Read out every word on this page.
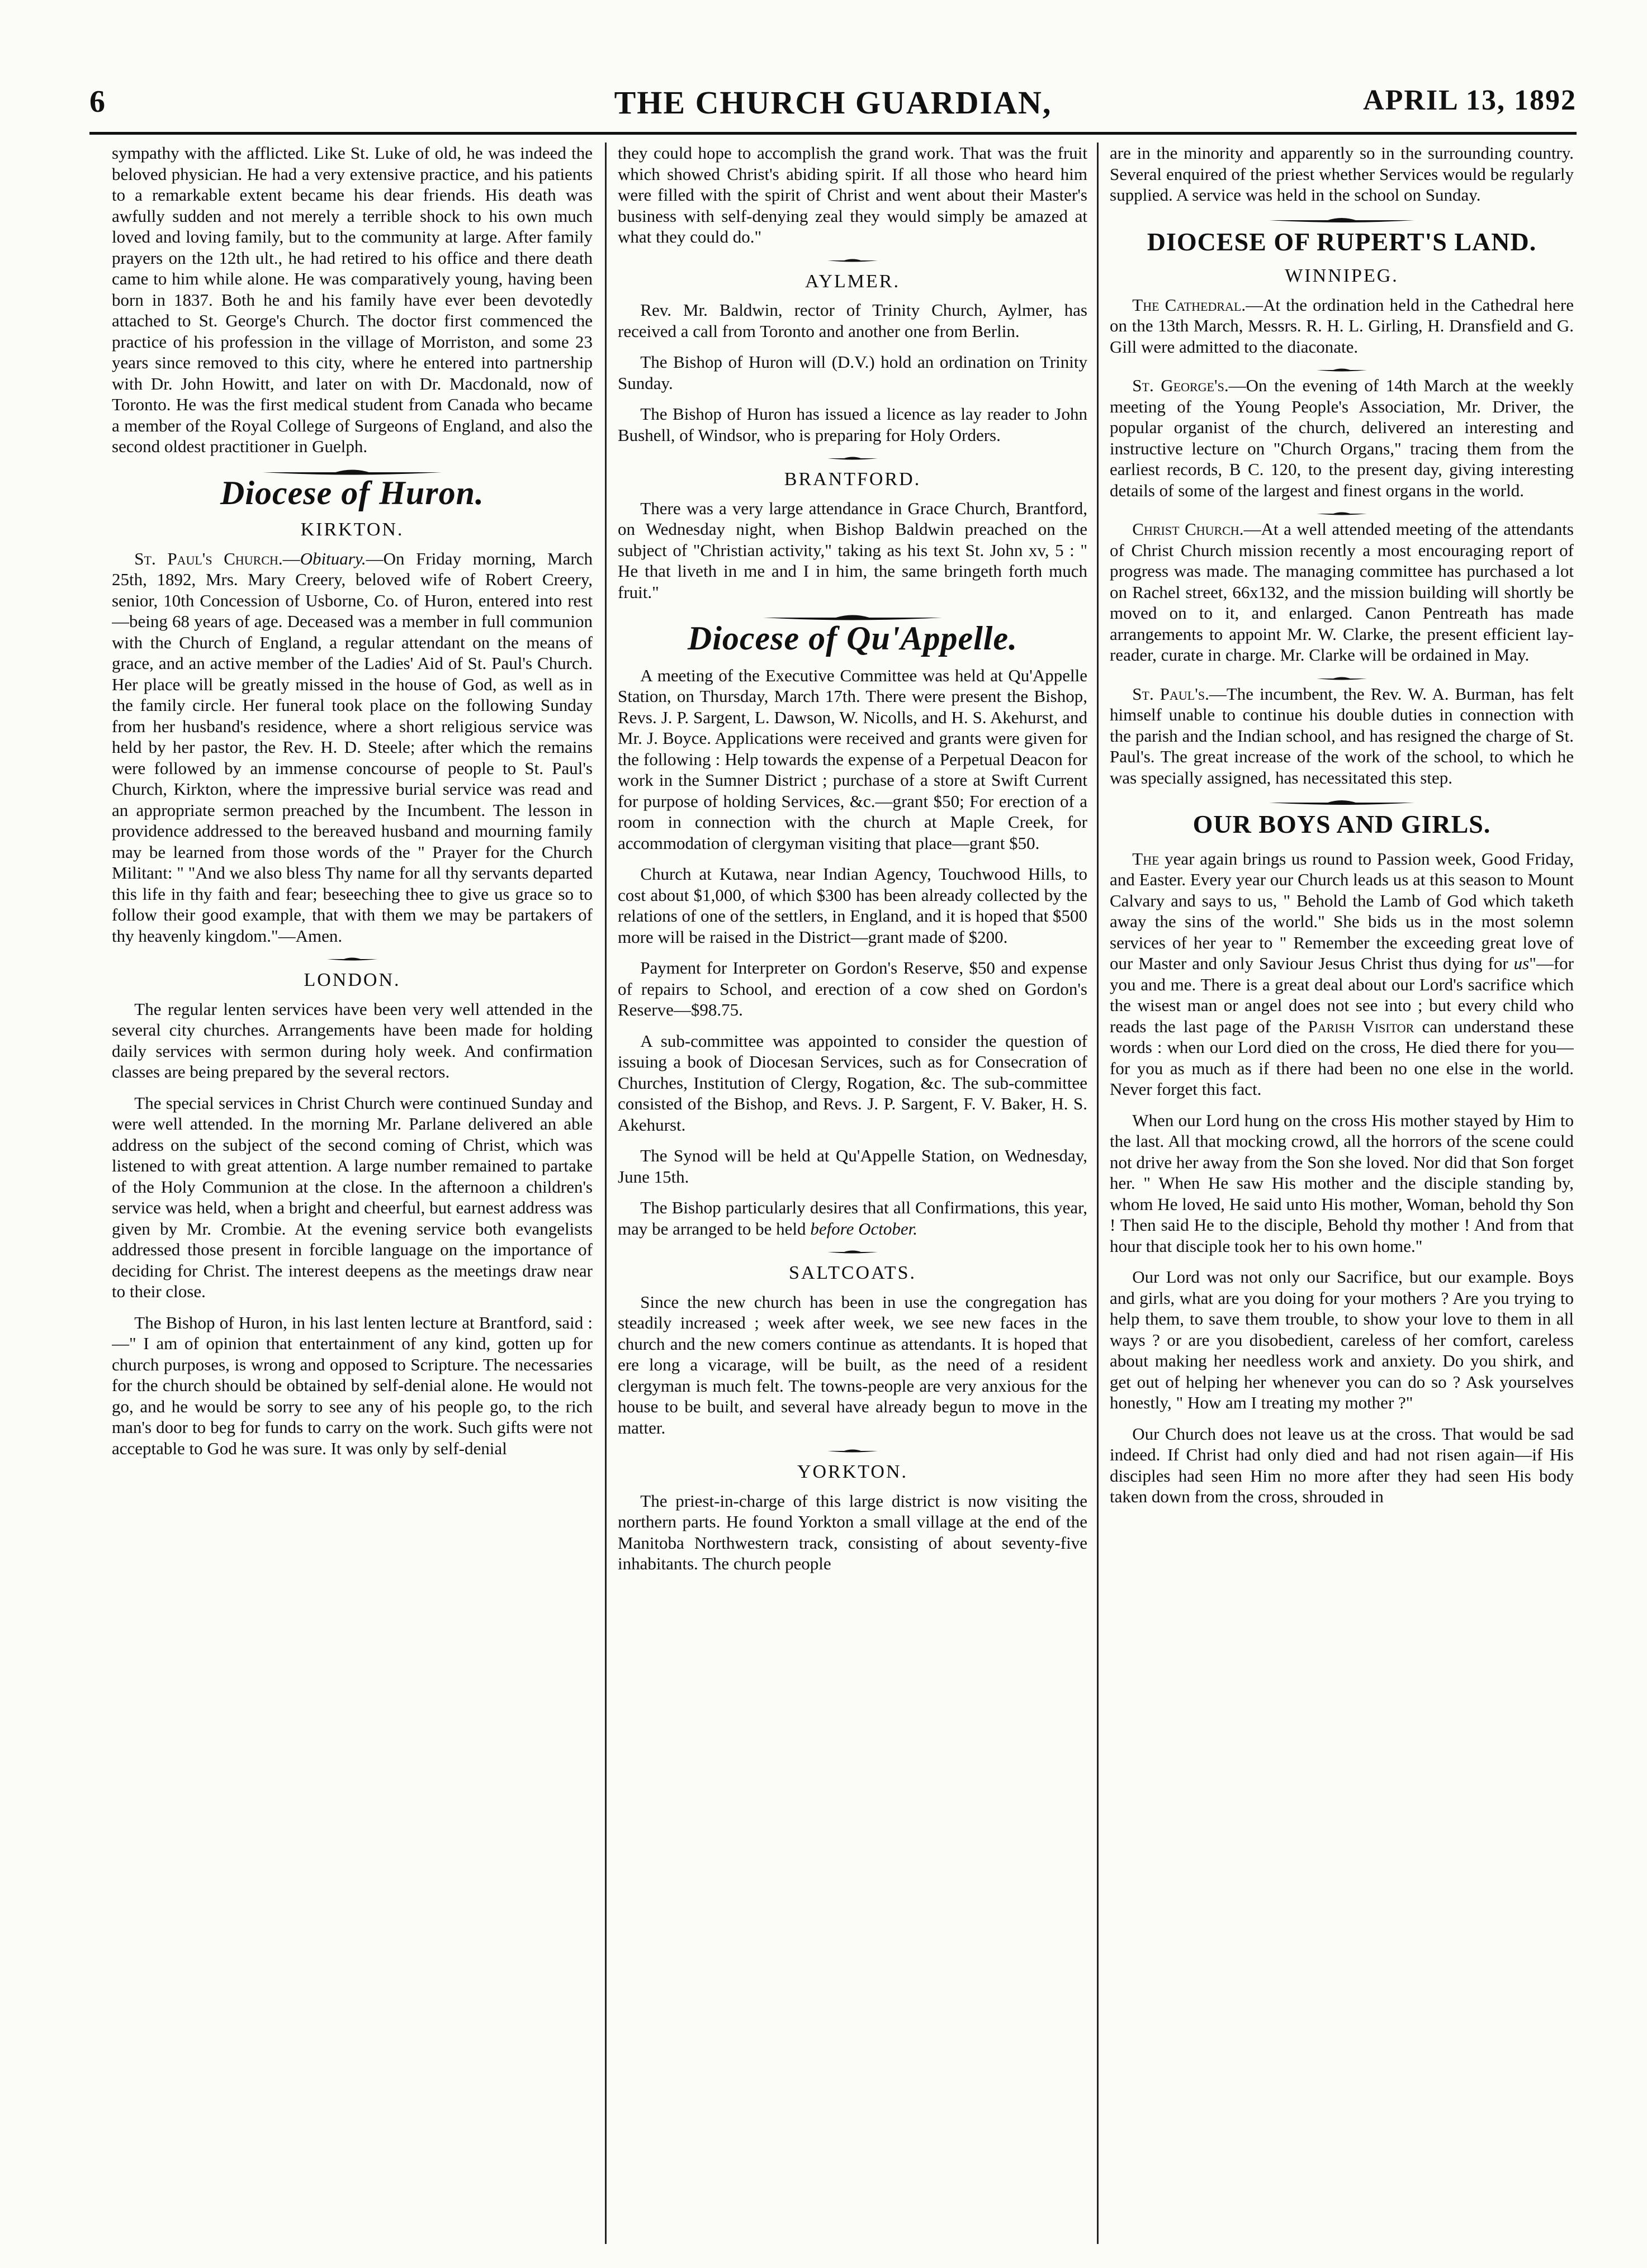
6	THE CHURCH GUARDIAN,	APRIL 13, 1892

sympathy with the afflicted. Like St. Luke of old, he was indeed the beloved physician. He had a very extensive practice, and his patients to a remarkable extent became his dear friends. His death was awfully sudden and not merely a terrible shock to his own much loved and loving family, but to the community at large. After family prayers on the 12th ult., he had retired to his office and there death came to him while alone. He was comparatively young, having been born in 1837. Both he and his family have ever been devotedly attached to St. George's Church. The doctor first commenced the practice of his profession in the village of Morriston, and some 23 years since removed to this city, where he entered into partnership with Dr. John Howitt, and later on with Dr. Macdonald, now of Toronto. He was the first medical student from Canada who became a member of the Royal College of Surgeons of England, and also the second oldest practitioner in Guelph.

Diocese of Huron.
KIRKTON.

St. Paul's Church.—Obituary.—On Friday morning, March 25th, 1892, Mrs. Mary Creery, beloved wife of Robert Creery, senior, 10th Concession of Usborne, Co. of Huron, entered into rest—being 68 years of age. Deceased was a member in full communion with the Church of England, a regular attendant on the means of grace, and an active member of the Ladies' Aid of St. Paul's Church. Her place will be greatly missed in the house of God, as well as in the family circle. Her funeral took place on the following Sunday from her husband's residence, where a short religious service was held by her pastor, the Rev. H. D. Steele; after which the remains were followed by an immense concourse of people to St. Paul's Church, Kirkton, where the impressive burial service was read and an appropriate sermon preached by the Incumbent. The lesson in providence addressed to the bereaved husband and mourning family may be learned from those words of the " Prayer for the Church Militant: " "And we also bless Thy name for all thy servants departed this life in thy faith and fear; beseeching thee to give us grace so to follow their good example, that with them we may be partakers of thy heavenly kingdom."—Amen.

LONDON.

The regular lenten services have been very well attended in the several city churches. Arrangements have been made for holding daily services with sermon during holy week. And confirmation classes are being prepared by the several rectors.

The special services in Christ Church were continued Sunday and were well attended. In the morning Mr. Parlane delivered an able address on the subject of the second coming of Christ, which was listened to with great attention. A large number remained to partake of the Holy Communion at the close. In the afternoon a children's service was held, when a bright and cheerful, but earnest address was given by Mr. Crombie. At the evening service both evangelists addressed those present in forcible language on the importance of deciding for Christ. The interest deepens as the meetings draw near to their close.

The Bishop of Huron, in his last lenten lecture at Brantford, said :—" I am of opinion that entertainment of any kind, gotten up for church purposes, is wrong and opposed to Scripture. The necessaries for the church should be obtained by self-denial alone. He would not go, and he would be sorry to see any of his people go, to the rich man's door to beg for funds to carry on the work. Such gifts were not acceptable to God he was sure. It was only by self-denial

they could hope to accomplish the grand work. That was the fruit which showed Christ's abiding spirit. If all those who heard him were filled with the spirit of Christ and went about their Master's business with self-denying zeal they would simply be amazed at what they could do."

AYLMER.

Rev. Mr. Baldwin, rector of Trinity Church, Aylmer, has received a call from Toronto and another one from Berlin.

The Bishop of Huron will (D.V.) hold an ordination on Trinity Sunday.

The Bishop of Huron has issued a licence as lay reader to John Bushell, of Windsor, who is preparing for Holy Orders.

BRANTFORD.

There was a very large attendance in Grace Church, Brantford, on Wednesday night, when Bishop Baldwin preached on the subject of "Christian activity," taking as his text St. John xv, 5 : " He that liveth in me and I in him, the same bringeth forth much fruit."

Diocese of Qu'Appelle.

A meeting of the Executive Committee was held at Qu'Appelle Station, on Thursday, March 17th. There were present the Bishop, Revs. J. P. Sargent, L. Dawson, W. Nicolls, and H. S. Akehurst, and Mr. J. Boyce. Applications were received and grants were given for the following : Help towards the expense of a Perpetual Deacon for work in the Sumner District ; purchase of a store at Swift Current for purpose of holding Services, &c.—grant $50; For erection of a room in connection with the church at Maple Creek, for accommodation of clergyman visiting that place—grant $50.

Church at Kutawa, near Indian Agency, Touchwood Hills, to cost about $1,000, of which $300 has been already collected by the relations of one of the settlers, in England, and it is hoped that $500 more will be raised in the District—grant made of $200.

Payment for Interpreter on Gordon's Reserve, $50 and expense of repairs to School, and erection of a cow shed on Gordon's Reserve—$98.75.

A sub-committee was appointed to consider the question of issuing a book of Diocesan Services, such as for Consecration of Churches, Institution of Clergy, Rogation, &c. The sub-committee consisted of the Bishop, and Revs. J. P. Sargent, F. V. Baker, H. S. Akehurst.

The Synod will be held at Qu'Appelle Station, on Wednesday, June 15th.

The Bishop particularly desires that all Confirmations, this year, may be arranged to be held before October.

SALTCOATS.

Since the new church has been in use the congregation has steadily increased ; week after week, we see new faces in the church and the new comers continue as attendants. It is hoped that ere long a vicarage, will be built, as the need of a resident clergyman is much felt. The towns-people are very anxious for the house to be built, and several have already begun to move in the matter.

YORKTON.

The priest-in-charge of this large district is now visiting the northern parts. He found Yorkton a small village at the end of the Manitoba Northwestern track, consisting of about seventy-five inhabitants. The church people

are in the minority and apparently so in the surrounding country. Several enquired of the priest whether Services would be regularly supplied. A service was held in the school on Sunday.

DIOCESE OF RUPERT'S LAND.
WINNIPEG.

The Cathedral.—At the ordination held in the Cathedral here on the 13th March, Messrs. R. H. L. Girling, H. Dransfield and G. Gill were admitted to the diaconate.

St. George's.—On the evening of 14th March at the weekly meeting of the Young People's Association, Mr. Driver, the popular organist of the church, delivered an interesting and instructive lecture on "Church Organs," tracing them from the earliest records, B C. 120, to the present day, giving interesting details of some of the largest and finest organs in the world.

Christ Church.—At a well attended meeting of the attendants of Christ Church mission recently a most encouraging report of progress was made. The managing committee has purchased a lot on Rachel street, 66x132, and the mission building will shortly be moved on to it, and enlarged. Canon Pentreath has made arrangements to appoint Mr. W. Clarke, the present efficient lay-reader, curate in charge. Mr. Clarke will be ordained in May.

St. Paul's.—The incumbent, the Rev. W. A. Burman, has felt himself unable to continue his double duties in connection with the parish and the Indian school, and has resigned the charge of St. Paul's. The great increase of the work of the school, to which he was specially assigned, has necessitated this step.

OUR BOYS AND GIRLS.

The year again brings us round to Passion week, Good Friday, and Easter. Every year our Church leads us at this season to Mount Calvary and says to us, " Behold the Lamb of God which taketh away the sins of the world." She bids us in the most solemn services of her year to " Remember the exceeding great love of our Master and only Saviour Jesus Christ thus dying for us"—for you and me. There is a great deal about our Lord's sacrifice which the wisest man or angel does not see into ; but every child who reads the last page of the Parish Visitor can understand these words : when our Lord died on the cross, He died there for you—for you as much as if there had been no one else in the world. Never forget this fact.

When our Lord hung on the cross His mother stayed by Him to the last. All that mocking crowd, all the horrors of the scene could not drive her away from the Son she loved. Nor did that Son forget her. " When He saw His mother and the disciple standing by, whom He loved, He said unto His mother, Woman, behold thy Son ! Then said He to the disciple, Behold thy mother ! And from that hour that disciple took her to his own home."

Our Lord was not only our Sacrifice, but our example. Boys and girls, what are you doing for your mothers ? Are you trying to help them, to save them trouble, to show your love to them in all ways ? or are you disobedient, careless of her comfort, careless about making her needless work and anxiety. Do you shirk, and get out of helping her whenever you can do so ? Ask yourselves honestly, " How am I treating my mother ?"

Our Church does not leave us at the cross. That would be sad indeed. If Christ had only died and had not risen again—if His disciples had seen Him no more after they had seen His body taken down from the cross, shrouded in
